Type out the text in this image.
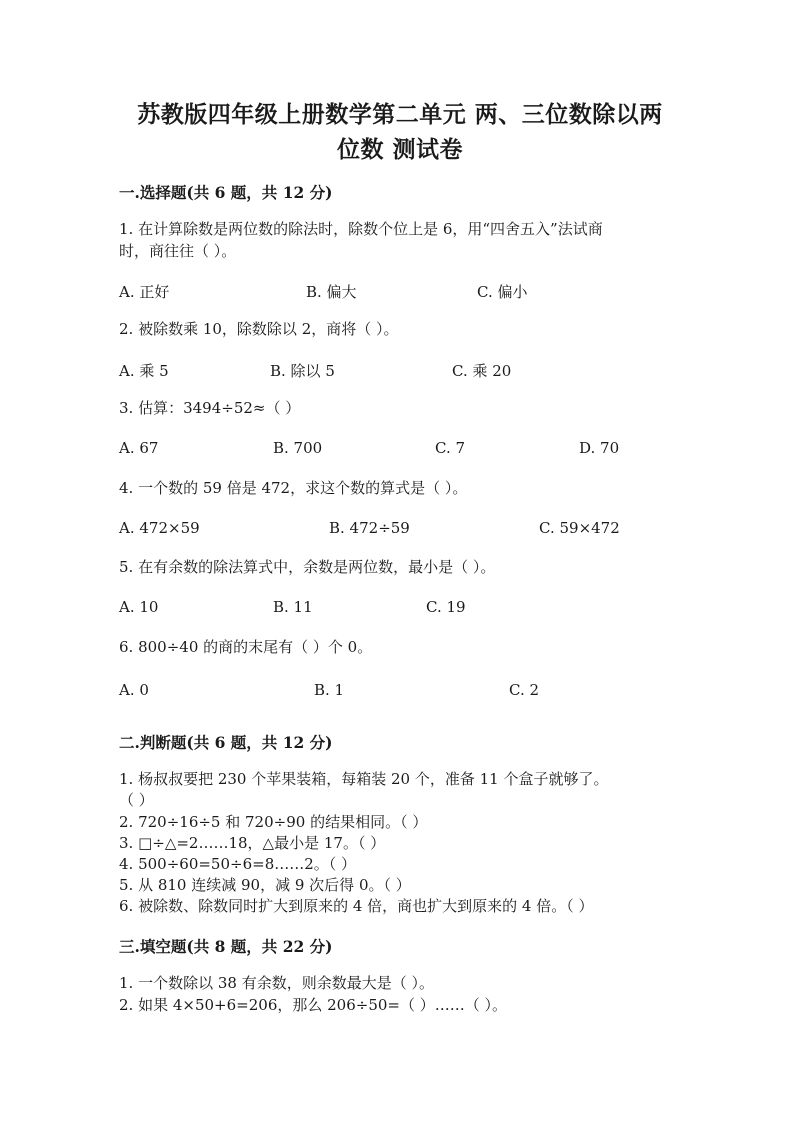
苏教版四年级上册数学第二单元 两、三位数除以两
位数 测试卷
一.选择题(共 6 题，共 12 分)
1. 在计算除数是两位数的除法时，除数个位上是 6，用“四舍五入”法试商
时，商往往（ ）。
A. 正好	B. 偏大	C. 偏小
2. 被除数乘 10，除数除以 2，商将（ ）。
A. 乘 5	B. 除以 5	C. 乘 20
3. 估算：3494÷52≈（ ）
A. 67	B. 700	C. 7	D. 70
4. 一个数的 59 倍是 472，求这个数的算式是（ ）。
A. 472×59	B. 472÷59	C. 59×472
5. 在有余数的除法算式中，余数是两位数，最小是（ ）。
A. 10	B. 11	C. 19
6. 800÷40 的商的末尾有（ ）个 0。
A. 0	B. 1	C. 2
二.判断题(共 6 题，共 12 分)
1. 杨叔叔要把 230 个苹果装箱，每箱装 20 个，准备 11 个盒子就够了。
（ ）
2. 720÷16÷5 和 720÷90 的结果相同。（ ）
3. □÷△=2……18，△最小是 17。（ ）
4. 500÷60=50÷6=8……2。（ ）
5. 从 810 连续减 90，减 9 次后得 0。（ ）
6. 被除数、除数同时扩大到原来的 4 倍，商也扩大到原来的 4 倍。（ ）
三.填空题(共 8 题，共 22 分)
1. 一个数除以 38 有余数，则余数最大是（ ）。
2. 如果 4×50+6=206，那么 206÷50=（ ）……（ ）。
